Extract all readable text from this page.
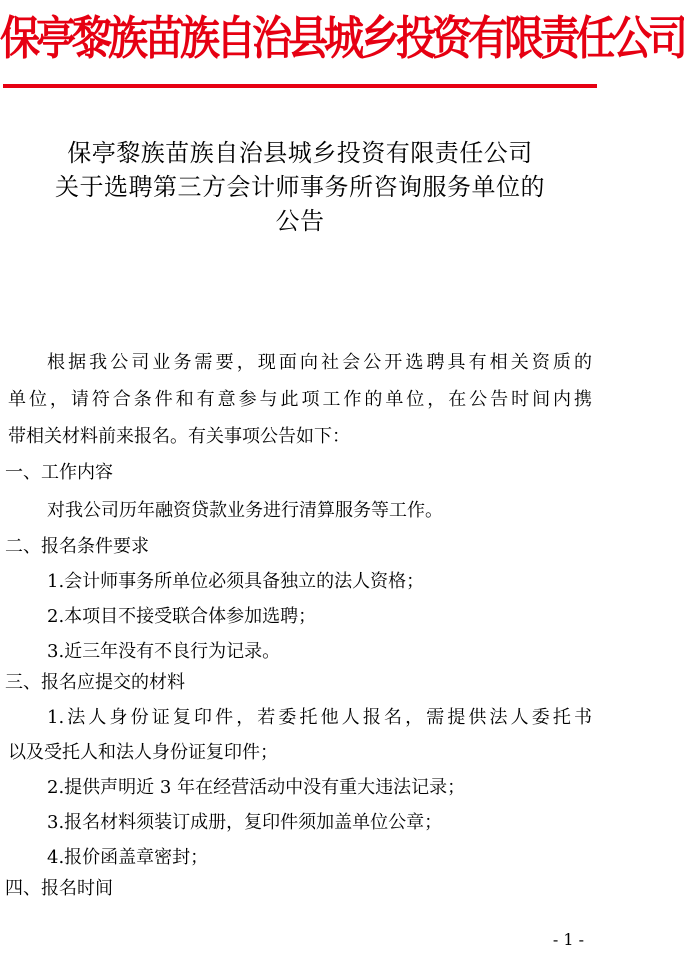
保亭黎族苗族自治县城乡投资有限责任公司
保亭黎族苗族自治县城乡投资有限责任公司
关于选聘第三方会计师事务所咨询服务单位的
公告
根据我公司业务需要，现面向社会公开选聘具有相关资质的
单位，请符合条件和有意参与此项工作的单位，在公告时间内携
带相关材料前来报名。有关事项公告如下：
一、工作内容
对我公司历年融资贷款业务进行清算服务等工作。
二、报名条件要求
1.会计师事务所单位必须具备独立的法人资格；
2.本项目不接受联合体参加选聘；
3.近三年没有不良行为记录。
三、报名应提交的材料
1.法人身份证复印件，若委托他人报名，需提供法人委托书
以及受托人和法人身份证复印件；
2.提供声明近 3 年在经营活动中没有重大违法记录；
3.报名材料须装订成册，复印件须加盖单位公章；
4.报价函盖章密封；
四、报名时间
- 1 -
